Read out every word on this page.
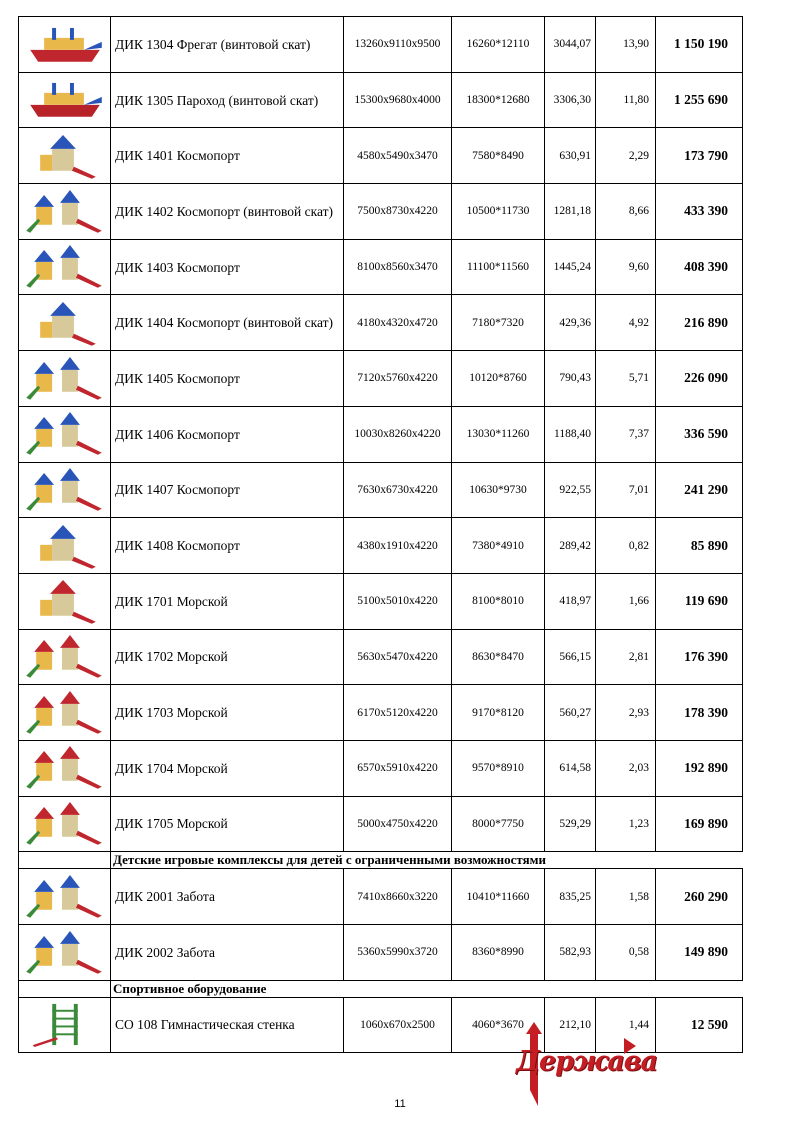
	ДИК 1304 Фрегат (винтовой скат)	13260x9110x9500	16260*12110	3044,07	13,90	1 150 190

	ДИК 1305 Пароход (винтовой скат)	15300x9680x4000	18300*12680	3306,30	11,80	1 255 690

	ДИК 1401 Космопорт	4580x5490x3470	7580*8490	630,91	2,29	173 790

	ДИК 1402 Космопорт (винтовой скат)	7500x8730x4220	10500*11730	1281,18	8,66	433 390

	ДИК 1403 Космопорт	8100x8560x3470	11100*11560	1445,24	9,60	408 390

	ДИК 1404 Космопорт (винтовой скат)	4180x4320x4720	7180*7320	429,36	4,92	216 890

	ДИК 1405 Космопорт	7120x5760x4220	10120*8760	790,43	5,71	226 090

	ДИК 1406 Космопорт	10030x8260x4220	13030*11260	1188,40	7,37	336 590

	ДИК 1407 Космопорт	7630x6730x4220	10630*9730	922,55	7,01	241 290

	ДИК 1408 Космопорт	4380x1910x4220	7380*4910	289,42	0,82	85 890

	ДИК 1701 Морской	5100x5010x4220	8100*8010	418,97	1,66	119 690

	ДИК 1702 Морской	5630x5470x4220	8630*8470	566,15	2,81	176 390

	ДИК 1703 Морской	6170x5120x4220	9170*8120	560,27	2,93	178 390

	ДИК 1704 Морской	6570x5910x4220	9570*8910	614,58	2,03	192 890

	ДИК 1705 Морской	5000x4750x4220	8000*7750	529,29	1,23	169 890
	Детские игровые комплексы для детей с ограниченными возможностями					

	ДИК 2001 Забота	7410x8660x3220	10410*11660	835,25	1,58	260 290

	ДИК 2002 Забота	5360x5990x3720	8360*8990	582,93	0,58	149 890
	Спортивное оборудование					

	СО 108 Гимнастическая стенка	1060x670x2500	4060*3670	212,10	1,44	12 590
11
Держава
